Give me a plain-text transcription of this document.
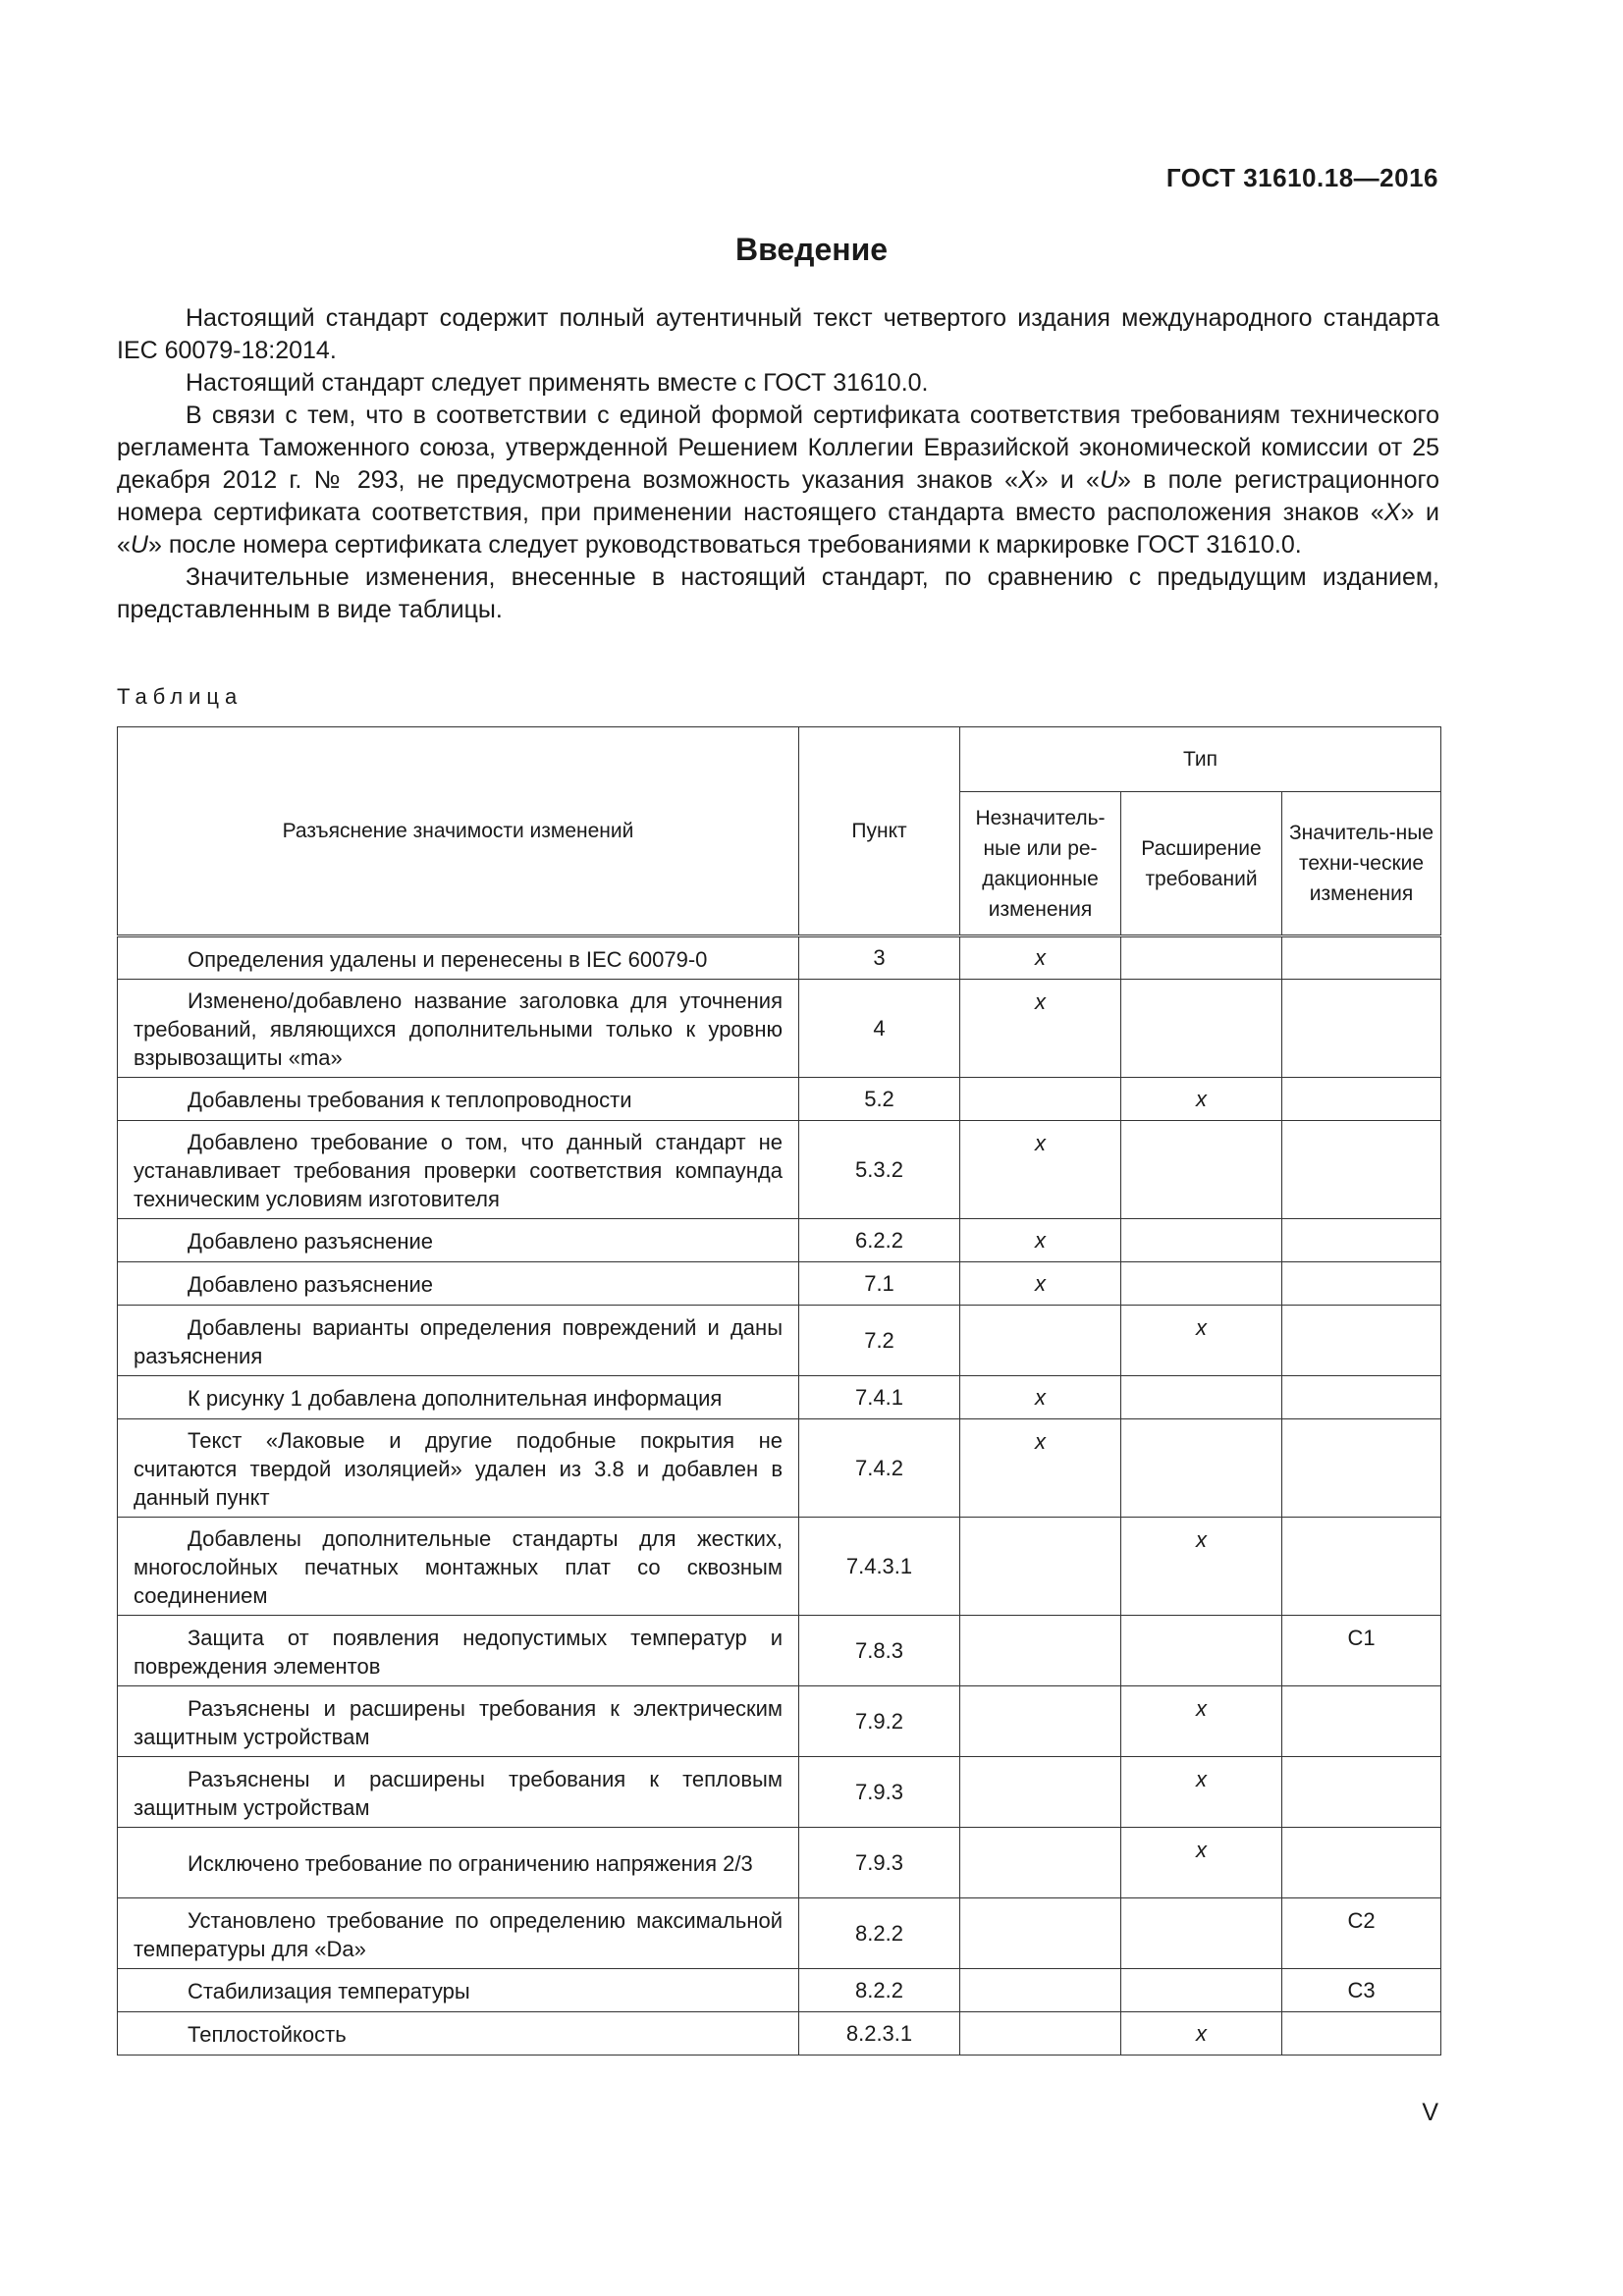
ГОСТ 31610.18—2016
Введение

Настоящий стандарт содержит полный аутентичный текст четвертого издания международного стандарта IEC 60079-18:2014.

Настоящий стандарт следует применять вместе с ГОСТ 31610.0.

В связи с тем, что в соответствии с единой формой сертификата соответствия требованиям технического регламента Таможенного союза, утвержденной Решением Коллегии Евразийской экономической комиссии от 25 декабря 2012 г. № 293, не предусмотрена возможность указания знаков «X» и «U» в поле регистрационного номера сертификата соответствия, при применении настоящего стандарта вместо расположения знаков «X» и «U» после номера сертификата следует руководствоваться требованиями к маркировке ГОСТ 31610.0.

Значительные изменения, внесенные в настоящий стандарт, по сравнению с предыдущим изданием, представленным в виде таблицы.

Таблица
Разъяснение значимости изменений	Пункт	Тип		
		Незначитель-ные или ре-дакционные изменения	Расширение требований	Значитель-ные техни-ческие изменения
Определения удалены и перенесены в IEC 60079-0	3	x		
Изменено/добавлено название заголовка для уточнения требований, являющихся дополнительными только к уровню взрывозащиты «ma»	4	x		
Добавлены требования к теплопроводности	5.2		x	
Добавлено требование о том, что данный стандарт не устанавливает требования проверки соответствия компаунда техническим условиям изготовителя	5.3.2	x		
Добавлено разъяснение	6.2.2	x		
Добавлено разъяснение	7.1	x		
Добавлены варианты определения повреждений и даны разъяснения	7.2		x	
К рисунку 1 добавлена дополнительная информация	7.4.1	x		
Текст «Лаковые и другие подобные покрытия не считаются твердой изоляцией» удален из 3.8 и добавлен в данный пункт	7.4.2	x		
Добавлены дополнительные стандарты для жестких, многослойных печатных монтажных плат со сквозным соединением	7.4.3.1		x	
Защита от появления недопустимых температур и повреждения элементов	7.8.3			C1
Разъяснены и расширены требования к электрическим защитным устройствам	7.9.2		x	
Разъяснены и расширены требования к тепловым защитным устройствам	7.9.3		x	
Исключено требование по ограничению напряжения 2/3	7.9.3		x	
Установлено требование по определению максимальной температуры для «Da»	8.2.2			C2
Стабилизация температуры	8.2.2			C3
Теплостойкость	8.2.3.1		x	
V
